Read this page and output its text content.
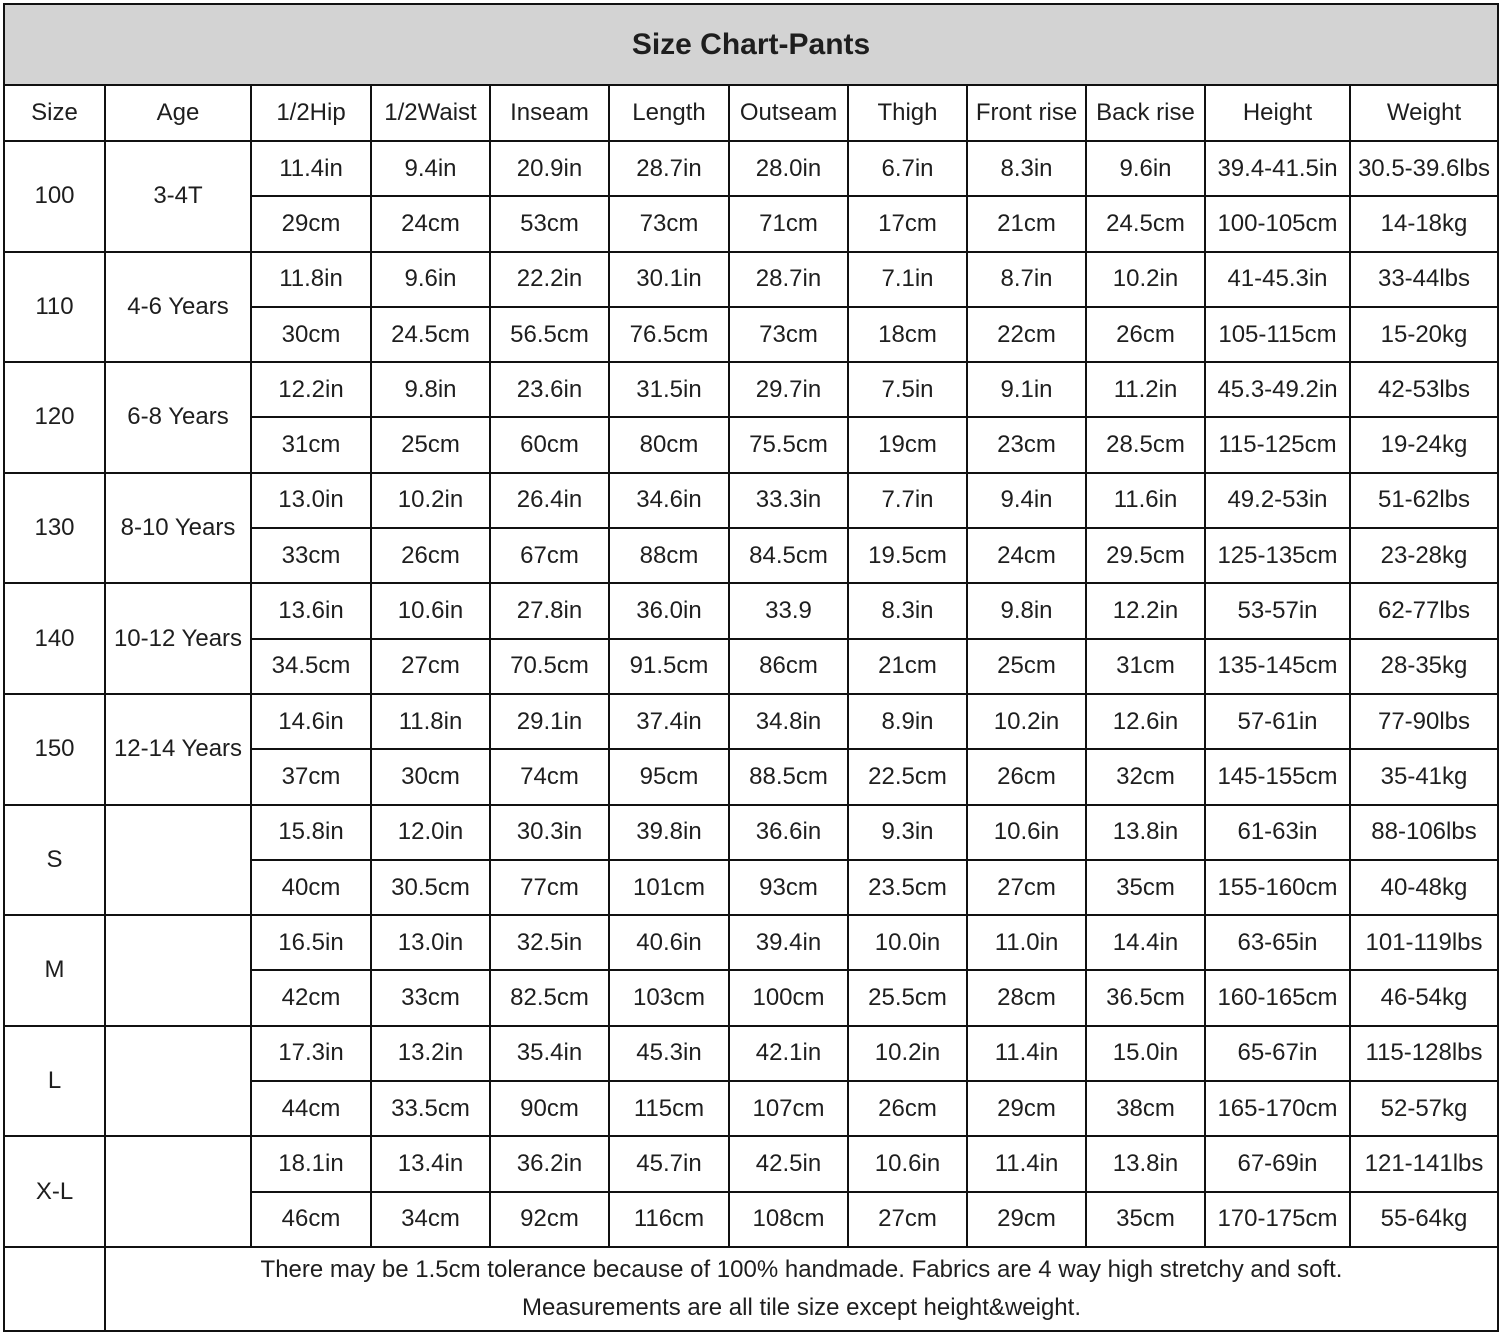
Size Chart-Pants											
Size	Age	1/2Hip	1/2Waist	Inseam	Length	Outseam	Thigh	Front rise	Back rise	Height	Weight
100	3-4T	11.4in	9.4in	20.9in	28.7in	28.0in	6.7in	8.3in	9.6in	39.4-41.5in	30.5-39.6lbs
		29cm	24cm	53cm	73cm	71cm	17cm	21cm	24.5cm	100-105cm	14-18kg
110	4-6 Years	11.8in	9.6in	22.2in	30.1in	28.7in	7.1in	8.7in	10.2in	41-45.3in	33-44lbs
		30cm	24.5cm	56.5cm	76.5cm	73cm	18cm	22cm	26cm	105-115cm	15-20kg
120	6-8 Years	12.2in	9.8in	23.6in	31.5in	29.7in	7.5in	9.1in	11.2in	45.3-49.2in	42-53lbs
		31cm	25cm	60cm	80cm	75.5cm	19cm	23cm	28.5cm	115-125cm	19-24kg
130	8-10 Years	13.0in	10.2in	26.4in	34.6in	33.3in	7.7in	9.4in	11.6in	49.2-53in	51-62lbs
		33cm	26cm	67cm	88cm	84.5cm	19.5cm	24cm	29.5cm	125-135cm	23-28kg
140	10-12 Years	13.6in	10.6in	27.8in	36.0in	33.9	8.3in	9.8in	12.2in	53-57in	62-77lbs
		34.5cm	27cm	70.5cm	91.5cm	86cm	21cm	25cm	31cm	135-145cm	28-35kg
150	12-14 Years	14.6in	11.8in	29.1in	37.4in	34.8in	8.9in	10.2in	12.6in	57-61in	77-90lbs
		37cm	30cm	74cm	95cm	88.5cm	22.5cm	26cm	32cm	145-155cm	35-41kg
S		15.8in	12.0in	30.3in	39.8in	36.6in	9.3in	10.6in	13.8in	61-63in	88-106lbs
		40cm	30.5cm	77cm	101cm	93cm	23.5cm	27cm	35cm	155-160cm	40-48kg
M		16.5in	13.0in	32.5in	40.6in	39.4in	10.0in	11.0in	14.4in	63-65in	101-119lbs
		42cm	33cm	82.5cm	103cm	100cm	25.5cm	28cm	36.5cm	160-165cm	46-54kg
L		17.3in	13.2in	35.4in	45.3in	42.1in	10.2in	11.4in	15.0in	65-67in	115-128lbs
		44cm	33.5cm	90cm	115cm	107cm	26cm	29cm	38cm	165-170cm	52-57kg
X-L		18.1in	13.4in	36.2in	45.7in	42.5in	10.6in	11.4in	13.8in	67-69in	121-141lbs
		46cm	34cm	92cm	116cm	108cm	27cm	29cm	35cm	170-175cm	55-64kg

	There may be 1.5cm tolerance because of 100% handmade. Fabrics are 4 way high stretchy and soft.
Measurements are all tile size except height&weight.										
